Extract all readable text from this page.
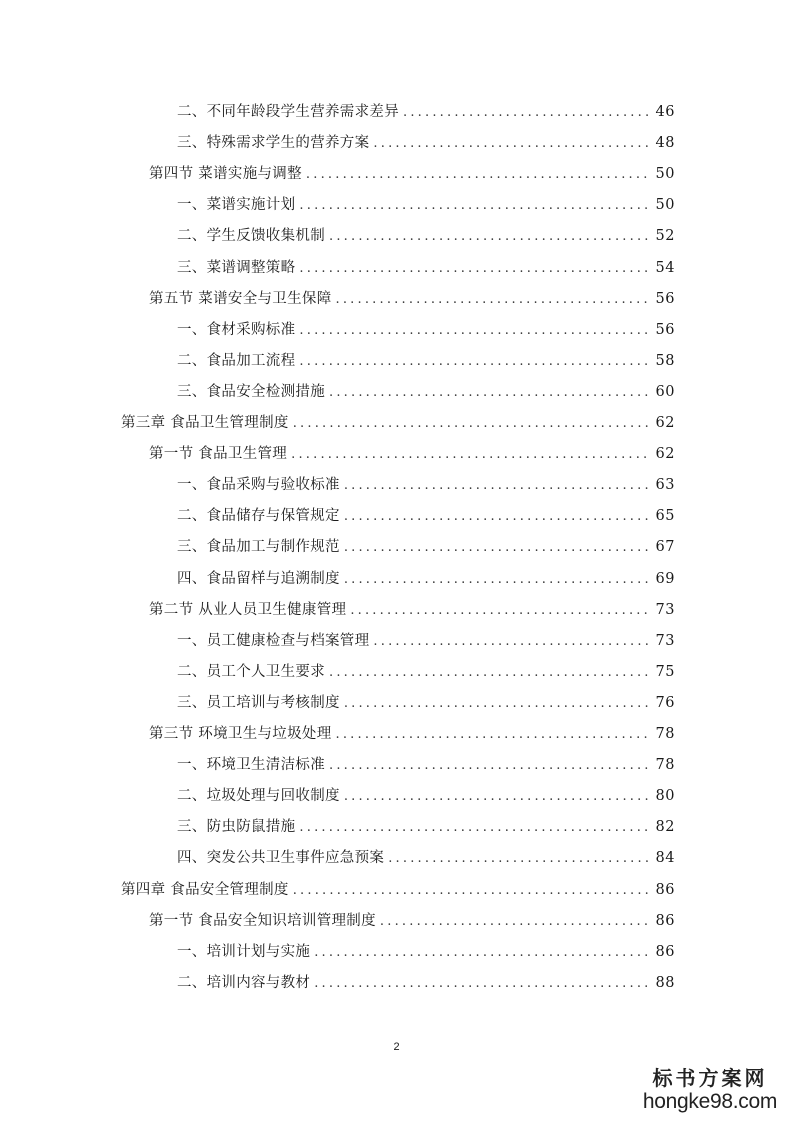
二、不同年龄段学生营养需求差异 .....	46
三、特殊需求学生的营养方案 .....	48
第四节 菜谱实施与调整 .....	50
一、菜谱实施计划 .....	50
二、学生反馈收集机制 .....	52
三、菜谱调整策略 .....	54
第五节 菜谱安全与卫生保障 .....	56
一、食材采购标准 .....	56
二、食品加工流程 .....	58
三、食品安全检测措施 .....	60
第三章 食品卫生管理制度 .....	62
第一节 食品卫生管理 .....	62
一、食品采购与验收标准 .....	63
二、食品储存与保管规定 .....	65
三、食品加工与制作规范 .....	67
四、食品留样与追溯制度 .....	69
第二节 从业人员卫生健康管理 .....	73
一、员工健康检查与档案管理 .....	73
二、员工个人卫生要求 .....	75
三、员工培训与考核制度 .....	76
第三节 环境卫生与垃圾处理 .....	78
一、环境卫生清洁标准 .....	78
二、垃圾处理与回收制度 .....	80
三、防虫防鼠措施 .....	82
四、突发公共卫生事件应急预案 .....	84
第四章 食品安全管理制度 .....	86
第一节 食品安全知识培训管理制度 .....	86
一、培训计划与实施 .....	86
二、培训内容与教材 .....	88
2
标书方案网
hongke98.com
